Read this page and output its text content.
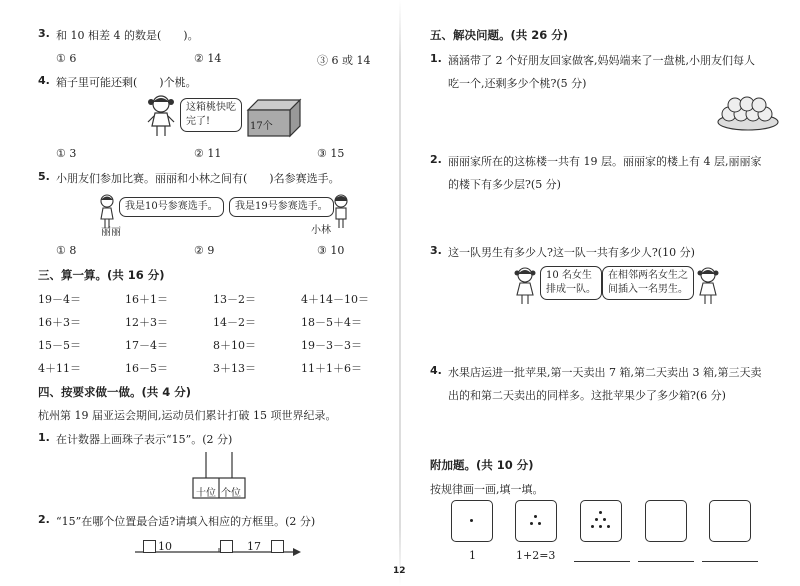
3. 和 10 相差 4 的数是(　　)。
① 6	② 14	③ 6 或 14
4. 箱子里可能还剩(　　)个桃。
这箱桃快吃
完了!	17个
① 3	② 11	③ 15
5. 小朋友们参加比赛。丽丽和小林之间有(　　)名参赛选手。
我是10号参赛选手。	我是19号参赛选手。
丽丽	小林
① 8	② 9	③ 10
三、算一算。(共 16 分)
19－4＝	16＋1＝	13－2＝	4＋14－10＝
16＋3＝	12＋3＝	14－2＝	18－5＋4＝
15－5＝	17－4＝	8＋10＝	19－3－3＝
4＋11＝	16－5＝	3＋13＝	11＋1＋6＝
四、按要求做一做。(共 4 分)
杭州第 19 届亚运会期间,运动员们累计打破 15 项世界纪录。
1. 在计数器上画珠子表示“15”。(2 分)
十位 个位
2. “15”在哪个位置最合适?请填入相应的方框里。(2 分)
10	17
五、解决问题。(共 26 分)
1. 涵涵带了 2 个好朋友回家做客,妈妈端来了一盘桃,小朋友们每人
吃一个,还剩多少个桃?(5 分)
2. 丽丽家所在的这栋楼一共有 19 层。丽丽家的楼上有 4 层,丽丽家
的楼下有多少层?(5 分)
3. 这一队男生有多少人?这一队一共有多少人?(10 分)
10 名女生
排成一队。
在相邻两名女生之
间插入一名男生。
4. 水果店运进一批苹果,第一天卖出 7 箱,第二天卖出 3 箱,第三天卖
出的和第二天卖出的同样多。这批苹果少了多少箱?(6 分)
附加题。(共 10 分)
按规律画一画,填一填。
1	1+2=3
12
